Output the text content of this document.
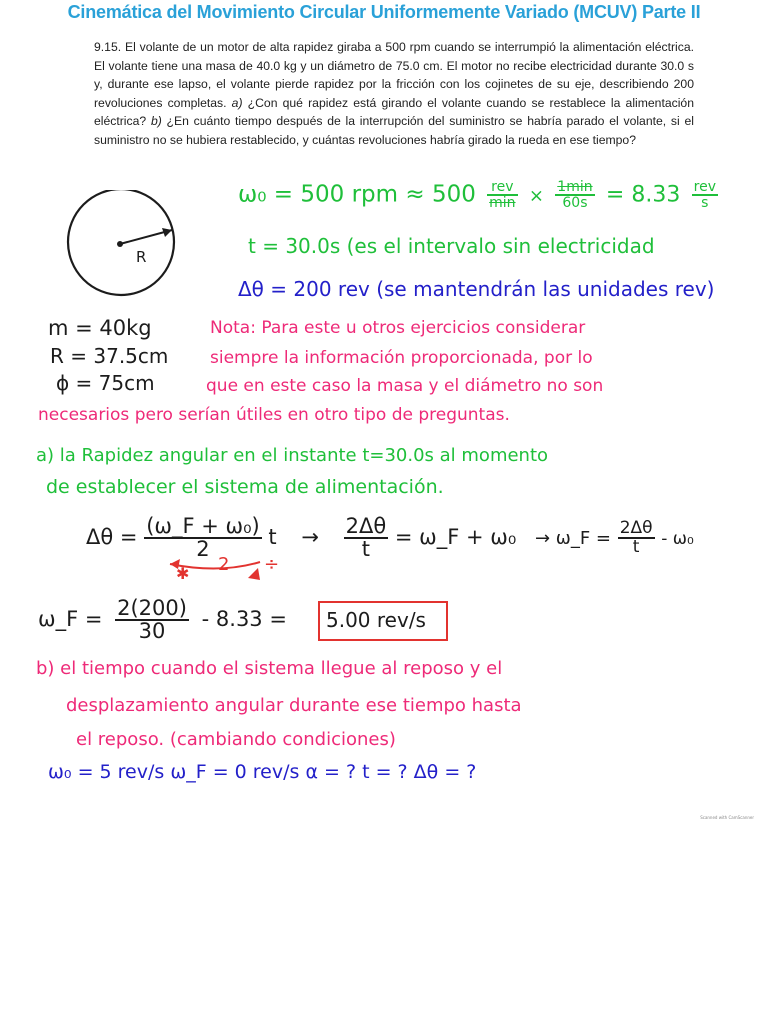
Cinemática del Movimiento Circular Uniformemente Variado (MCUV) Parte II
9.15. El volante de un motor de alta rapidez giraba a 500 rpm cuando se interrumpió la alimentación eléctrica. El volante tiene una masa de 40.0 kg y un diámetro de 75.0 cm. El motor no recibe electricidad durante 30.0 s y, durante ese lapso, el volante pierde rapidez por la fricción con los cojinetes de su eje, describiendo 200 revoluciones completas. a) ¿Con qué rapidez está girando el volante cuando se restablece la alimentación eléctrica? b) ¿En cuánto tiempo después de la interrupción del suministro se habría parado el volante, si el suministro no se hubiera restablecido, y cuántas revoluciones habría girado la rueda en ese tiempo?
R
ω₀ = 500 rpm ≈ $500 \frac{\text{rev}}{\min} \times \frac{1\min}{60s} = 8.33 \frac{\text{rev}}{s}$
t = 30.0s (es el intervalo sin electricidad
Δθ = 200 rev (se mantendrán las unidades rev)
m = 40kg
R = 37.5cm
ϕ = 75cm
Nota: Para este u otros ejercicios considerar
siempre la información proporcionada, por lo
que en este caso la masa y el diámetro no son
necesarios pero serían útiles en otro tipo de preguntas.
a) la Rapidez angular en el instante t=30.0s al momento
de establecer el sistema de alimentación.
$\Delta\theta = \frac{\text{(ω\_F + ω₀)}}{2}$ $t \to \frac{2\Delta\theta}{t}$ = ω_F + ω₀ → ω_F = $\frac{2\Delta\theta}{t} - \omega_0$
✱ 2 ÷
ω_F = $\frac{2(200)}{30} - 8.33 = 5.00$ rev/s
b) el tiempo cuando el sistema llegue al reposo y el
desplazamiento angular durante ese tiempo hasta
el reposo. (cambiando condiciones)
ω₀ = 5 rev/s ω_F = 0 rev/s α = ? t = ? Δθ = ?
Scanned with CamScanner
